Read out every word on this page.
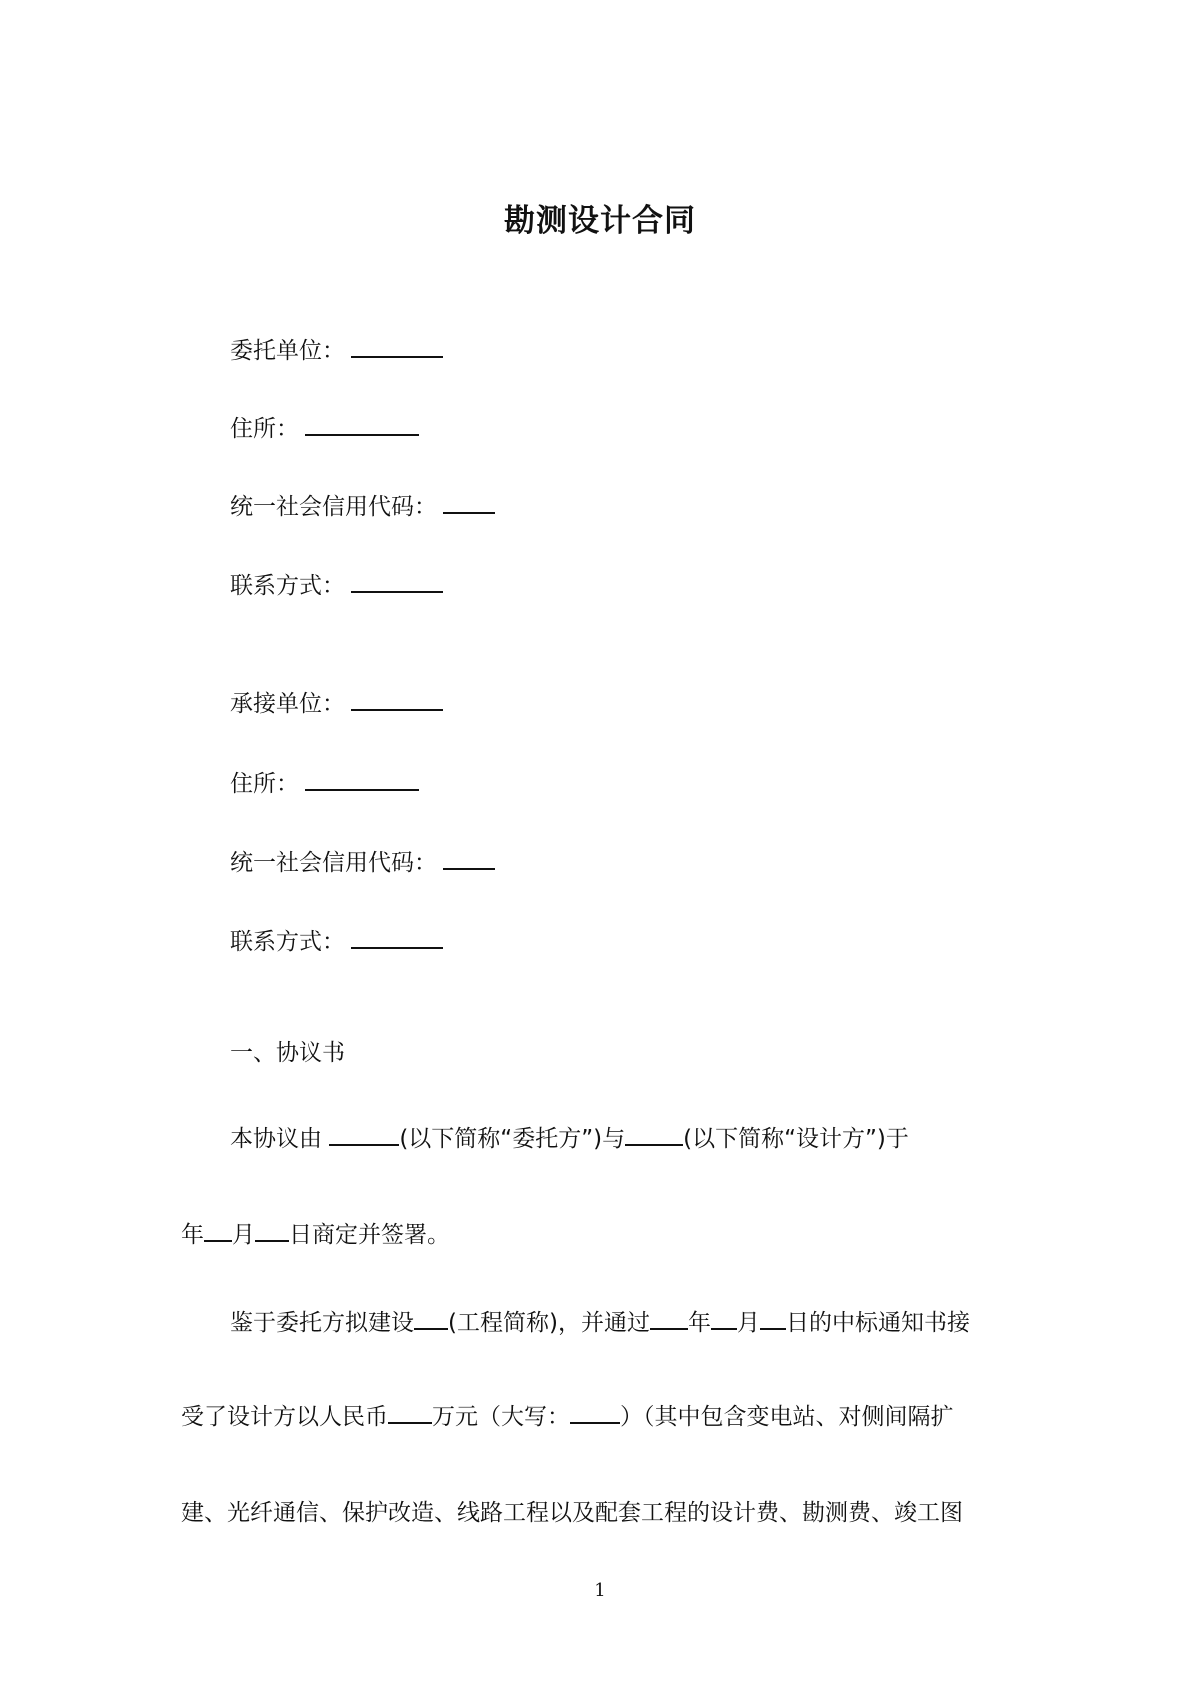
勘测设计合同
委托单位：
住所：
统一社会信用代码：
联系方式：
承接单位：
住所：
统一社会信用代码：
联系方式：
一、协议书
本协议由	(以下简称“委托方”)与	(以下简称“设计方”)于
年 月 日商定并签署。
鉴于委托方拟建设 (工程简称)，并通过 年 月 日的中标通知书接
受了设计方以人民币 万元（大写： ）（其中包含变电站、对侧间隔扩
建、光纤通信、保护改造、线路工程以及配套工程的设计费、勘测费、竣工图
1
